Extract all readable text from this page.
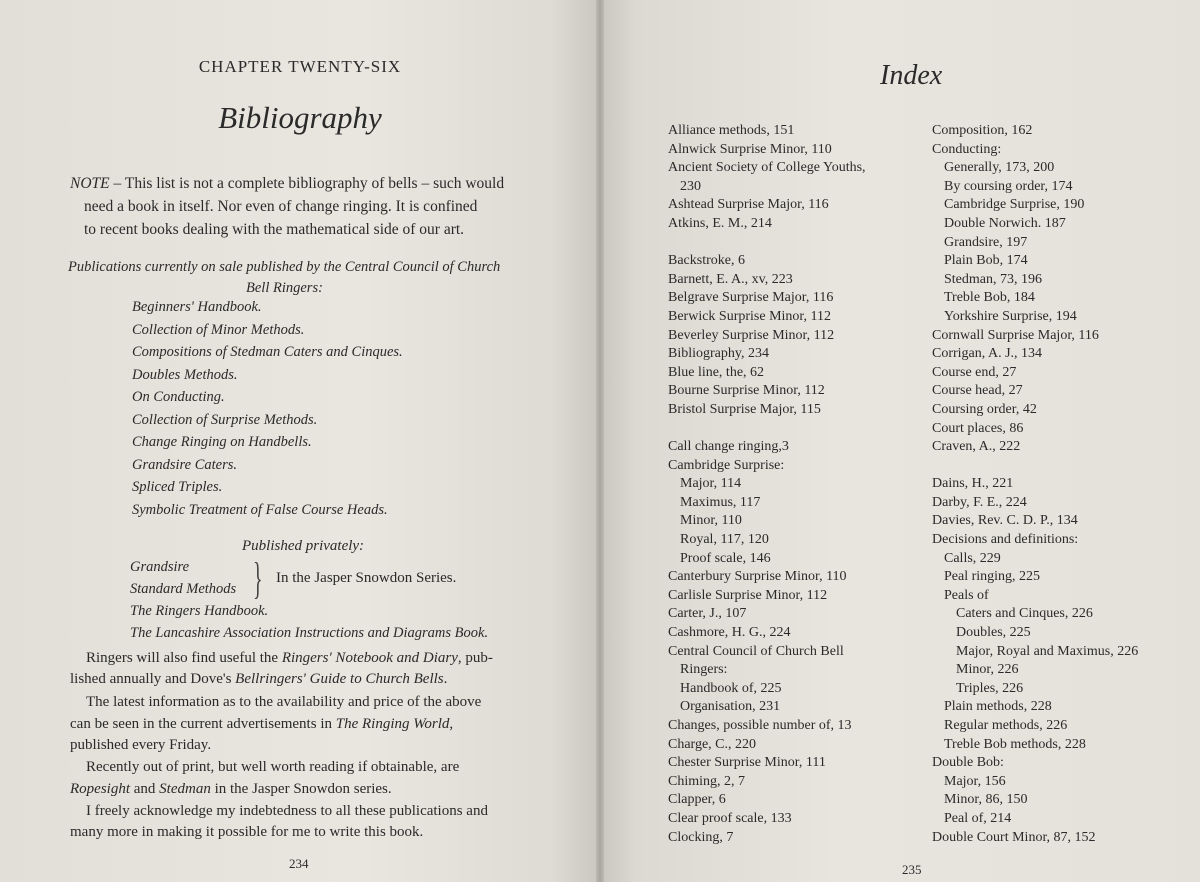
CHAPTER TWENTY-SIX
Bibliography
NOTE – This list is not a complete bibliography of bells – such would
need a book in itself. Nor even of change ringing. It is confined
to recent books dealing with the mathematical side of our art.
Publications currently on sale published by the Central Council of Church
Bell Ringers:
Beginners' Handbook.
Collection of Minor Methods.
Compositions of Stedman Caters and Cinques.
Doubles Methods.
On Conducting.
Collection of Surprise Methods.
Change Ringing on Handbells.
Grandsire Caters.
Spliced Triples.
Symbolic Treatment of False Course Heads.
Published privately:
Grandsire
Standard Methods } In the Jasper Snowdon Series.
The Ringers Handbook.
The Lancashire Association Instructions and Diagrams Book.
Ringers will also find useful the Ringers' Notebook and Diary, pub-
lished annually and Dove's Bellringers' Guide to Church Bells.
The latest information as to the availability and price of the above
can be seen in the current advertisements in The Ringing World,
published every Friday.
Recently out of print, but well worth reading if obtainable, are
Ropesight and Stedman in the Jasper Snowdon series.
I freely acknowledge my indebtedness to all these publications and
many more in making it possible for me to write this book.
234
Index
Alliance methods, 151
Alnwick Surprise Minor, 110
Ancient Society of College Youths,
230
Ashtead Surprise Major, 116
Atkins, E. M., 214
Backstroke, 6
Barnett, E. A., xv, 223
Belgrave Surprise Major, 116
Berwick Surprise Minor, 112
Beverley Surprise Minor, 112
Bibliography, 234
Blue line, the, 62
Bourne Surprise Minor, 112
Bristol Surprise Major, 115
Call change ringing,3
Cambridge Surprise:
Major, 114
Maximus, 117
Minor, 110
Royal, 117, 120
Proof scale, 146
Canterbury Surprise Minor, 110
Carlisle Surprise Minor, 112
Carter, J., 107
Cashmore, H. G., 224
Central Council of Church Bell
Ringers:
Handbook of, 225
Organisation, 231
Changes, possible number of, 13
Charge, C., 220
Chester Surprise Minor, 111
Chiming, 2, 7
Clapper, 6
Clear proof scale, 133
Clocking, 7
Composition, 162
Conducting:
Generally, 173, 200
By coursing order, 174
Cambridge Surprise, 190
Double Norwich. 187
Grandsire, 197
Plain Bob, 174
Stedman, 73, 196
Treble Bob, 184
Yorkshire Surprise, 194
Cornwall Surprise Major, 116
Corrigan, A. J., 134
Course end, 27
Course head, 27
Coursing order, 42
Court places, 86
Craven, A., 222
Dains, H., 221
Darby, F. E., 224
Davies, Rev. C. D. P., 134
Decisions and definitions:
Calls, 229
Peal ringing, 225
Peals of
Caters and Cinques, 226
Doubles, 225
Major, Royal and Maximus, 226
Minor, 226
Triples, 226
Plain methods, 228
Regular methods, 226
Treble Bob methods, 228
Double Bob:
Major, 156
Minor, 86, 150
Peal of, 214
Double Court Minor, 87, 152
235
